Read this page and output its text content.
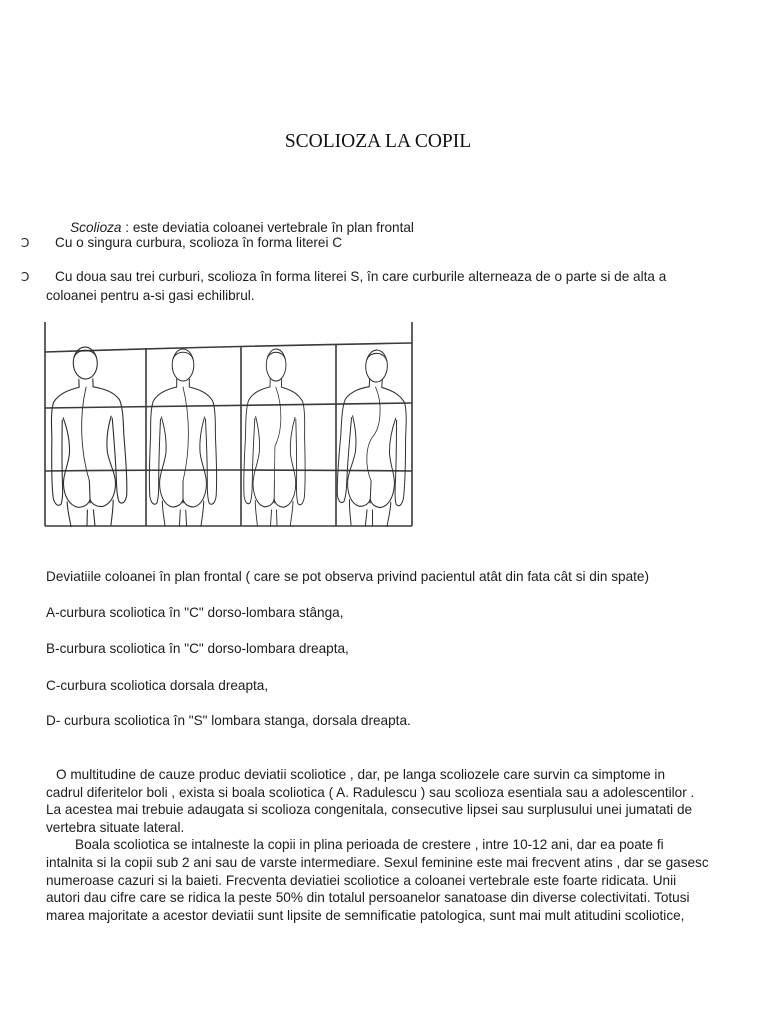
SCOLIOZA LA COPIL

Scolioza : este deviatia coloanei vertebrale în plan frontal

Ɔ Cu o singura curbura, scolioza în forma literei C
Ɔ Cu doua sau trei curburi, scolioza în forma literei S, în care curburile alterneaza de o parte si de alta a
coloanei pentru a-si gasi echilibrul.
Deviatiile coloanei în plan frontal ( care se pot observa privind pacientul atât din fata cât si din spate)
A-curbura scoliotica în "C" dorso-lombara stânga,
B-curbura scoliotica în "C" dorso-lombara dreapta,
C-curbura scoliotica dorsala dreapta,
D- curbura scoliotica în "S" lombara stanga, dorsala dreapta.
O multitudine de cauze produc deviatii scoliotice , dar, pe langa scoliozele care survin ca simptome in
cadrul diferitelor boli , exista si boala scoliotica ( A. Radulescu ) sau scolioza esentiala sau a adolescentilor .
La acestea mai trebuie adaugata si scolioza congenitala, consecutive lipsei sau surplusului unei jumatati de
vertebra situate lateral.
Boala scoliotica se intalneste la copii in plina perioada de crestere , intre 10-12 ani, dar ea poate fi
intalnita si la copii sub 2 ani sau de varste intermediare. Sexul feminine este mai frecvent atins , dar se gasesc
numeroase cazuri si la baieti. Frecventa deviatiei scoliotice a coloanei vertebrale este foarte ridicata. Unii
autori dau cifre care se ridica la peste 50% din totalul persoanelor sanatoase din diverse colectivitati. Totusi
marea majoritate a acestor deviatii sunt lipsite de semnificatie patologica, sunt mai mult atitudini scoliotice,
